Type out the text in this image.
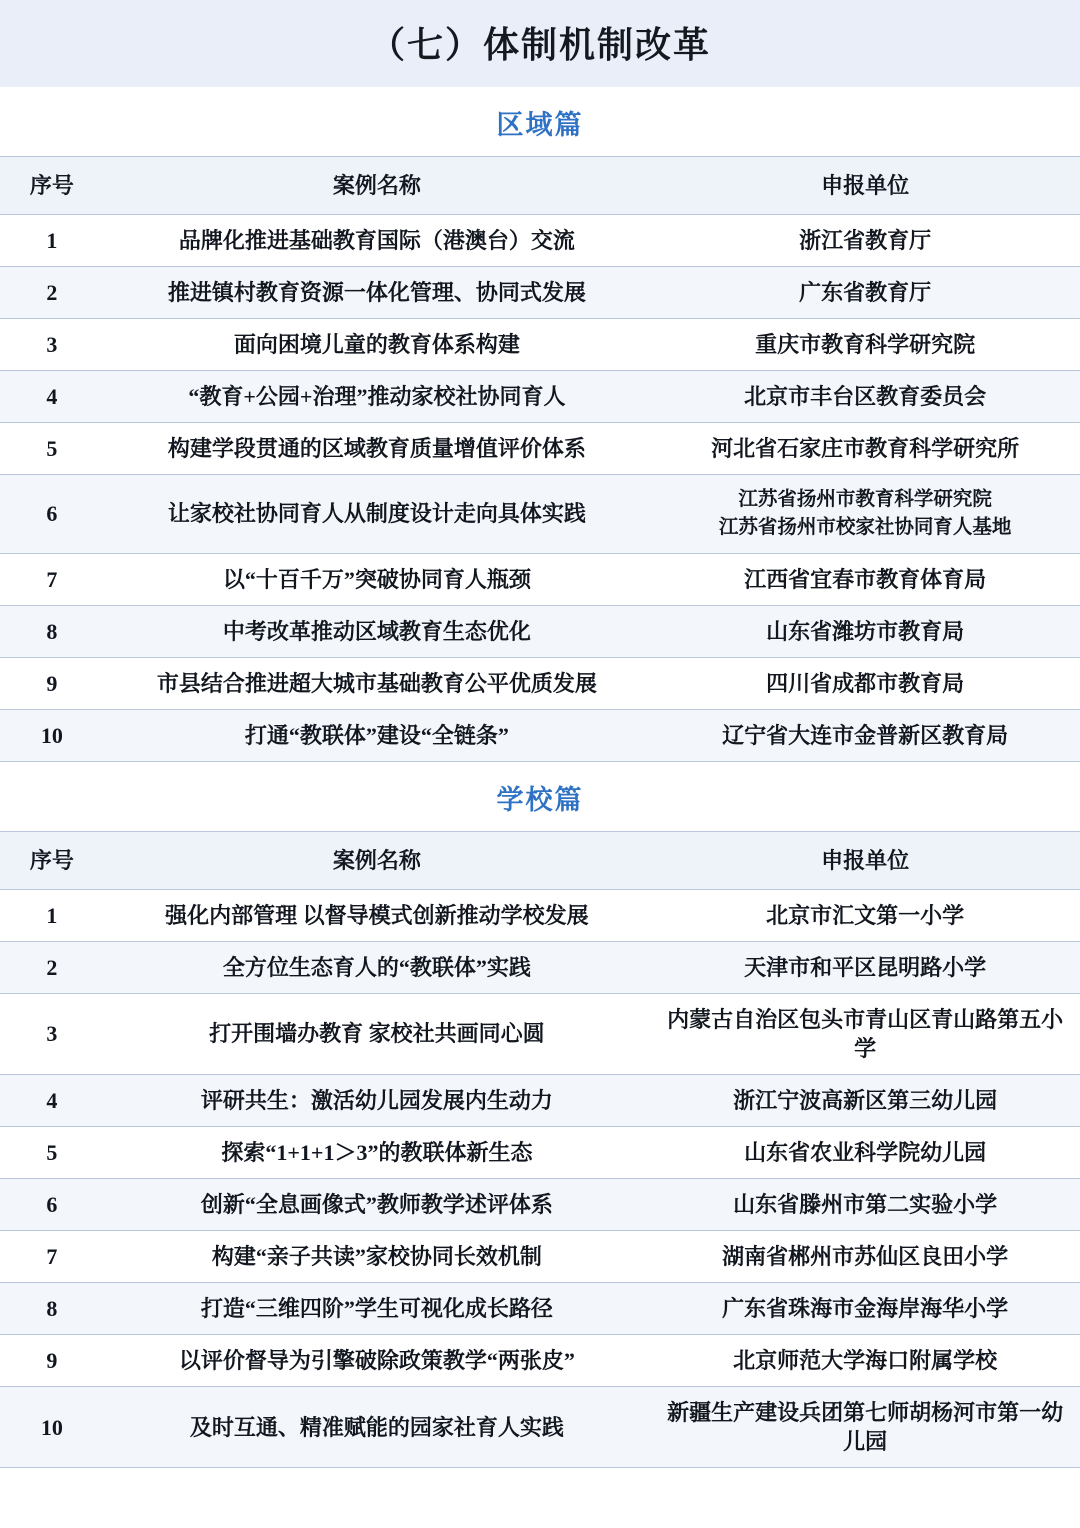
（七）体制机制改革
区域篇
序号	案例名称	申报单位
1	品牌化推进基础教育国际（港澳台）交流	浙江省教育厅
2	推进镇村教育资源一体化管理、协同式发展	广东省教育厅
3	面向困境儿童的教育体系构建	重庆市教育科学研究院
4	“教育+公园+治理”推动家校社协同育人	北京市丰台区教育委员会
5	构建学段贯通的区域教育质量增值评价体系	河北省石家庄市教育科学研究所
6	让家校社协同育人从制度设计走向具体实践	江苏省扬州市教育科学研究院
江苏省扬州市校家社协同育人基地

7	以“十百千万”突破协同育人瓶颈	江西省宜春市教育体育局
8	中考改革推动区域教育生态优化	山东省潍坊市教育局
9	市县结合推进超大城市基础教育公平优质发展	四川省成都市教育局
10	打通“教联体”建设“全链条”	辽宁省大连市金普新区教育局
学校篇
序号	案例名称	申报单位
1	强化内部管理 以督导模式创新推动学校发展	北京市汇文第一小学
2	全方位生态育人的“教联体”实践	天津市和平区昆明路小学
3	打开围墙办教育 家校社共画同心圆	内蒙古自治区包头市青山区青山路第五小学
4	评研共生：激活幼儿园发展内生动力	浙江宁波高新区第三幼儿园
5	探索“1+1+1＞3”的教联体新生态	山东省农业科学院幼儿园
6	创新“全息画像式”教师教学述评体系	山东省滕州市第二实验小学
7	构建“亲子共读”家校协同长效机制	湖南省郴州市苏仙区良田小学
8	打造“三维四阶”学生可视化成长路径	广东省珠海市金海岸海华小学
9	以评价督导为引擎破除政策教学“两张皮”	北京师范大学海口附属学校
10	及时互通、精准赋能的园家社育人实践	新疆生产建设兵团第七师胡杨河市第一幼儿园
